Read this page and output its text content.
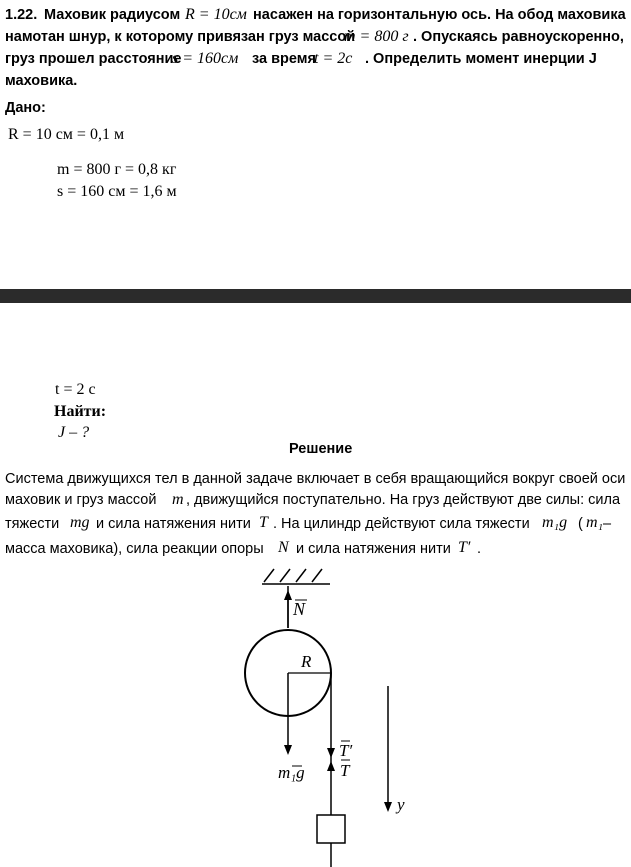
1.22. Маховик радиусом R = 10см насажен на горизонтальную ось. На обод маховика
намотан шнур, к которому привязан груз массой
m = 800 г . Опускаясь равноускоренно,
груз прошел расстояние
s = 160см за время
t = 2с . Определить момент инерции J
маховика.
Дано:
R = 10 см = 0,1 м
m = 800 г = 0,8 кг
s = 160 см = 1,6 м
t = 2 с
Найти:
J – ?
Решение
Система движущихся тел в данной задаче включает в себя вращающийся вокруг своей оси
маховик и груз массой m , движущийся поступательно. На груз действуют две силы: сила
тяжести mg и сила натяжения нити T . На цилиндр действуют сила тяжести m₁g ( m₁ –
масса маховика), сила реакции опоры N и сила натяжения нити T′ .
N
R
m₁g
T′
T
y
